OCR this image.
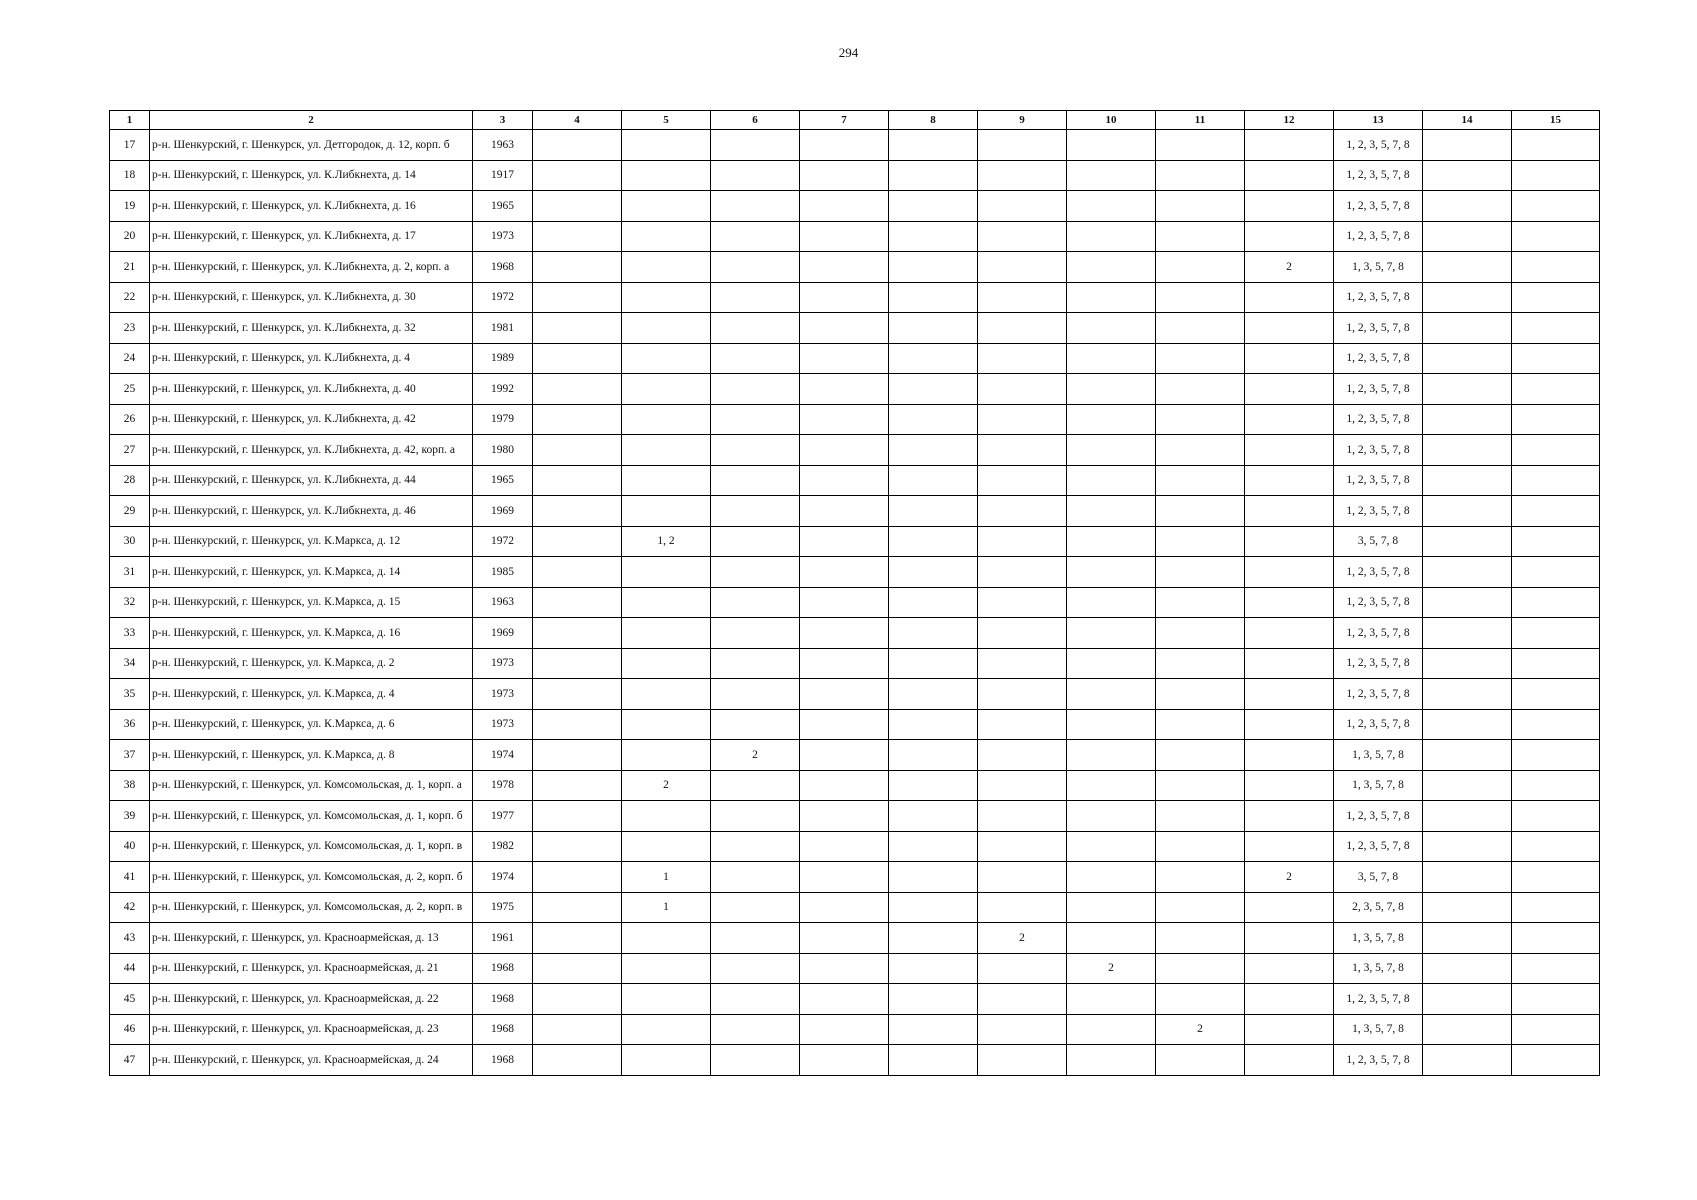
294
1	2	3	4	5	6	7	8	9	10	11	12	13	14	15
17	р-н. Шенкурский, г. Шенкурск, ул. Детгородок, д. 12, корп. б	1963										1, 2, 3, 5, 7, 8		
18	р-н. Шенкурский, г. Шенкурск, ул. К.Либкнехта, д. 14	1917										1, 2, 3, 5, 7, 8		
19	р-н. Шенкурский, г. Шенкурск, ул. К.Либкнехта, д. 16	1965										1, 2, 3, 5, 7, 8		
20	р-н. Шенкурский, г. Шенкурск, ул. К.Либкнехта, д. 17	1973										1, 2, 3, 5, 7, 8		
21	р-н. Шенкурский, г. Шенкурск, ул. К.Либкнехта, д. 2, корп. а	1968									2	1, 3, 5, 7, 8		
22	р-н. Шенкурский, г. Шенкурск, ул. К.Либкнехта, д. 30	1972										1, 2, 3, 5, 7, 8		
23	р-н. Шенкурский, г. Шенкурск, ул. К.Либкнехта, д. 32	1981										1, 2, 3, 5, 7, 8		
24	р-н. Шенкурский, г. Шенкурск, ул. К.Либкнехта, д. 4	1989										1, 2, 3, 5, 7, 8		
25	р-н. Шенкурский, г. Шенкурск, ул. К.Либкнехта, д. 40	1992										1, 2, 3, 5, 7, 8		
26	р-н. Шенкурский, г. Шенкурск, ул. К.Либкнехта, д. 42	1979										1, 2, 3, 5, 7, 8		
27	р-н. Шенкурский, г. Шенкурск, ул. К.Либкнехта, д. 42, корп. а	1980										1, 2, 3, 5, 7, 8		
28	р-н. Шенкурский, г. Шенкурск, ул. К.Либкнехта, д. 44	1965										1, 2, 3, 5, 7, 8		
29	р-н. Шенкурский, г. Шенкурск, ул. К.Либкнехта, д. 46	1969										1, 2, 3, 5, 7, 8		
30	р-н. Шенкурский, г. Шенкурск, ул. К.Маркса, д. 12	1972		1, 2								3, 5, 7, 8		
31	р-н. Шенкурский, г. Шенкурск, ул. К.Маркса, д. 14	1985										1, 2, 3, 5, 7, 8		
32	р-н. Шенкурский, г. Шенкурск, ул. К.Маркса, д. 15	1963										1, 2, 3, 5, 7, 8		
33	р-н. Шенкурский, г. Шенкурск, ул. К.Маркса, д. 16	1969										1, 2, 3, 5, 7, 8		
34	р-н. Шенкурский, г. Шенкурск, ул. К.Маркса, д. 2	1973										1, 2, 3, 5, 7, 8		
35	р-н. Шенкурский, г. Шенкурск, ул. К.Маркса, д. 4	1973										1, 2, 3, 5, 7, 8		
36	р-н. Шенкурский, г. Шенкурск, ул. К.Маркса, д. 6	1973										1, 2, 3, 5, 7, 8		
37	р-н. Шенкурский, г. Шенкурск, ул. К.Маркса, д. 8	1974			2							1, 3, 5, 7, 8		
38	р-н. Шенкурский, г. Шенкурск, ул. Комсомольская, д. 1, корп. а	1978		2								1, 3, 5, 7, 8		
39	р-н. Шенкурский, г. Шенкурск, ул. Комсомольская, д. 1, корп. б	1977										1, 2, 3, 5, 7, 8		
40	р-н. Шенкурский, г. Шенкурск, ул. Комсомольская, д. 1, корп. в	1982										1, 2, 3, 5, 7, 8		
41	р-н. Шенкурский, г. Шенкурск, ул. Комсомольская, д. 2, корп. б	1974		1							2	3, 5, 7, 8		
42	р-н. Шенкурский, г. Шенкурск, ул. Комсомольская, д. 2, корп. в	1975		1								2, 3, 5, 7, 8		
43	р-н. Шенкурский, г. Шенкурск, ул. Красноармейская, д. 13	1961						2				1, 3, 5, 7, 8		
44	р-н. Шенкурский, г. Шенкурск, ул. Красноармейская, д. 21	1968							2			1, 3, 5, 7, 8		
45	р-н. Шенкурский, г. Шенкурск, ул. Красноармейская, д. 22	1968										1, 2, 3, 5, 7, 8		
46	р-н. Шенкурский, г. Шенкурск, ул. Красноармейская, д. 23	1968								2		1, 3, 5, 7, 8		
47	р-н. Шенкурский, г. Шенкурск, ул. Красноармейская, д. 24	1968										1, 2, 3, 5, 7, 8		
